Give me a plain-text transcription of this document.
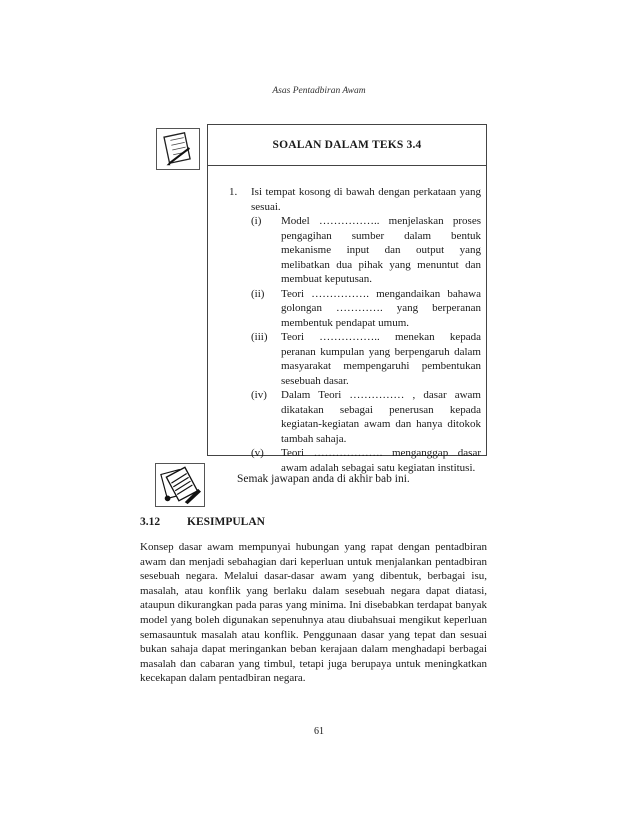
Asas Pentadbiran Awam
SOALAN DALAM TEKS 3.4
1. Isi tempat kosong di bawah dengan perkataan yang sesuai.

(i) Model …………….. menjelaskan proses pengagihan sumber dalam bentuk mekanisme input dan output yang melibatkan dua pihak yang menuntut dan membuat keputusan.
(ii) Teori ……………. mengandaikan bahawa golongan …………. yang berperanan membentuk pendapat umum.
(iii) Teori …………….. menekan kepada peranan kumpulan yang berpengaruh dalam masyarakat mempengaruhi pembentukan sesebuah dasar.
(iv) Dalam Teori …………… , dasar awam dikatakan sebagai penerusan kepada kegiatan-kegiatan awam dan hanya ditokok tambah sahaja.
(v) Teori ………………. menganggap dasar awam adalah sebagai satu kegiatan institusi.
Semak jawapan anda di akhir bab ini.
3.12 KESIMPULAN

Konsep dasar awam mempunyai hubungan yang rapat dengan pentadbiran awam dan menjadi sebahagian dari keperluan untuk menjalankan pentadbiran sesebuah negara. Melalui dasar-dasar awam yang dibentuk, berbagai isu, masalah, atau konflik yang berlaku dalam sesebuah negara dapat diatasi, ataupun dikurangkan pada paras yang minima. Ini disebabkan terdapat banyak model yang boleh digunakan sepenuhnya atau diubahsuai mengikut keperluan semasauntuk masalah atau konflik. Penggunaan dasar yang tepat dan sesuai bukan sahaja dapat meringankan beban kerajaan dalam menghadapi berbagai masalah dan cabaran yang timbul, tetapi juga berupaya untuk meningkatkan kecekapan dalam pentadbiran negara.

61
